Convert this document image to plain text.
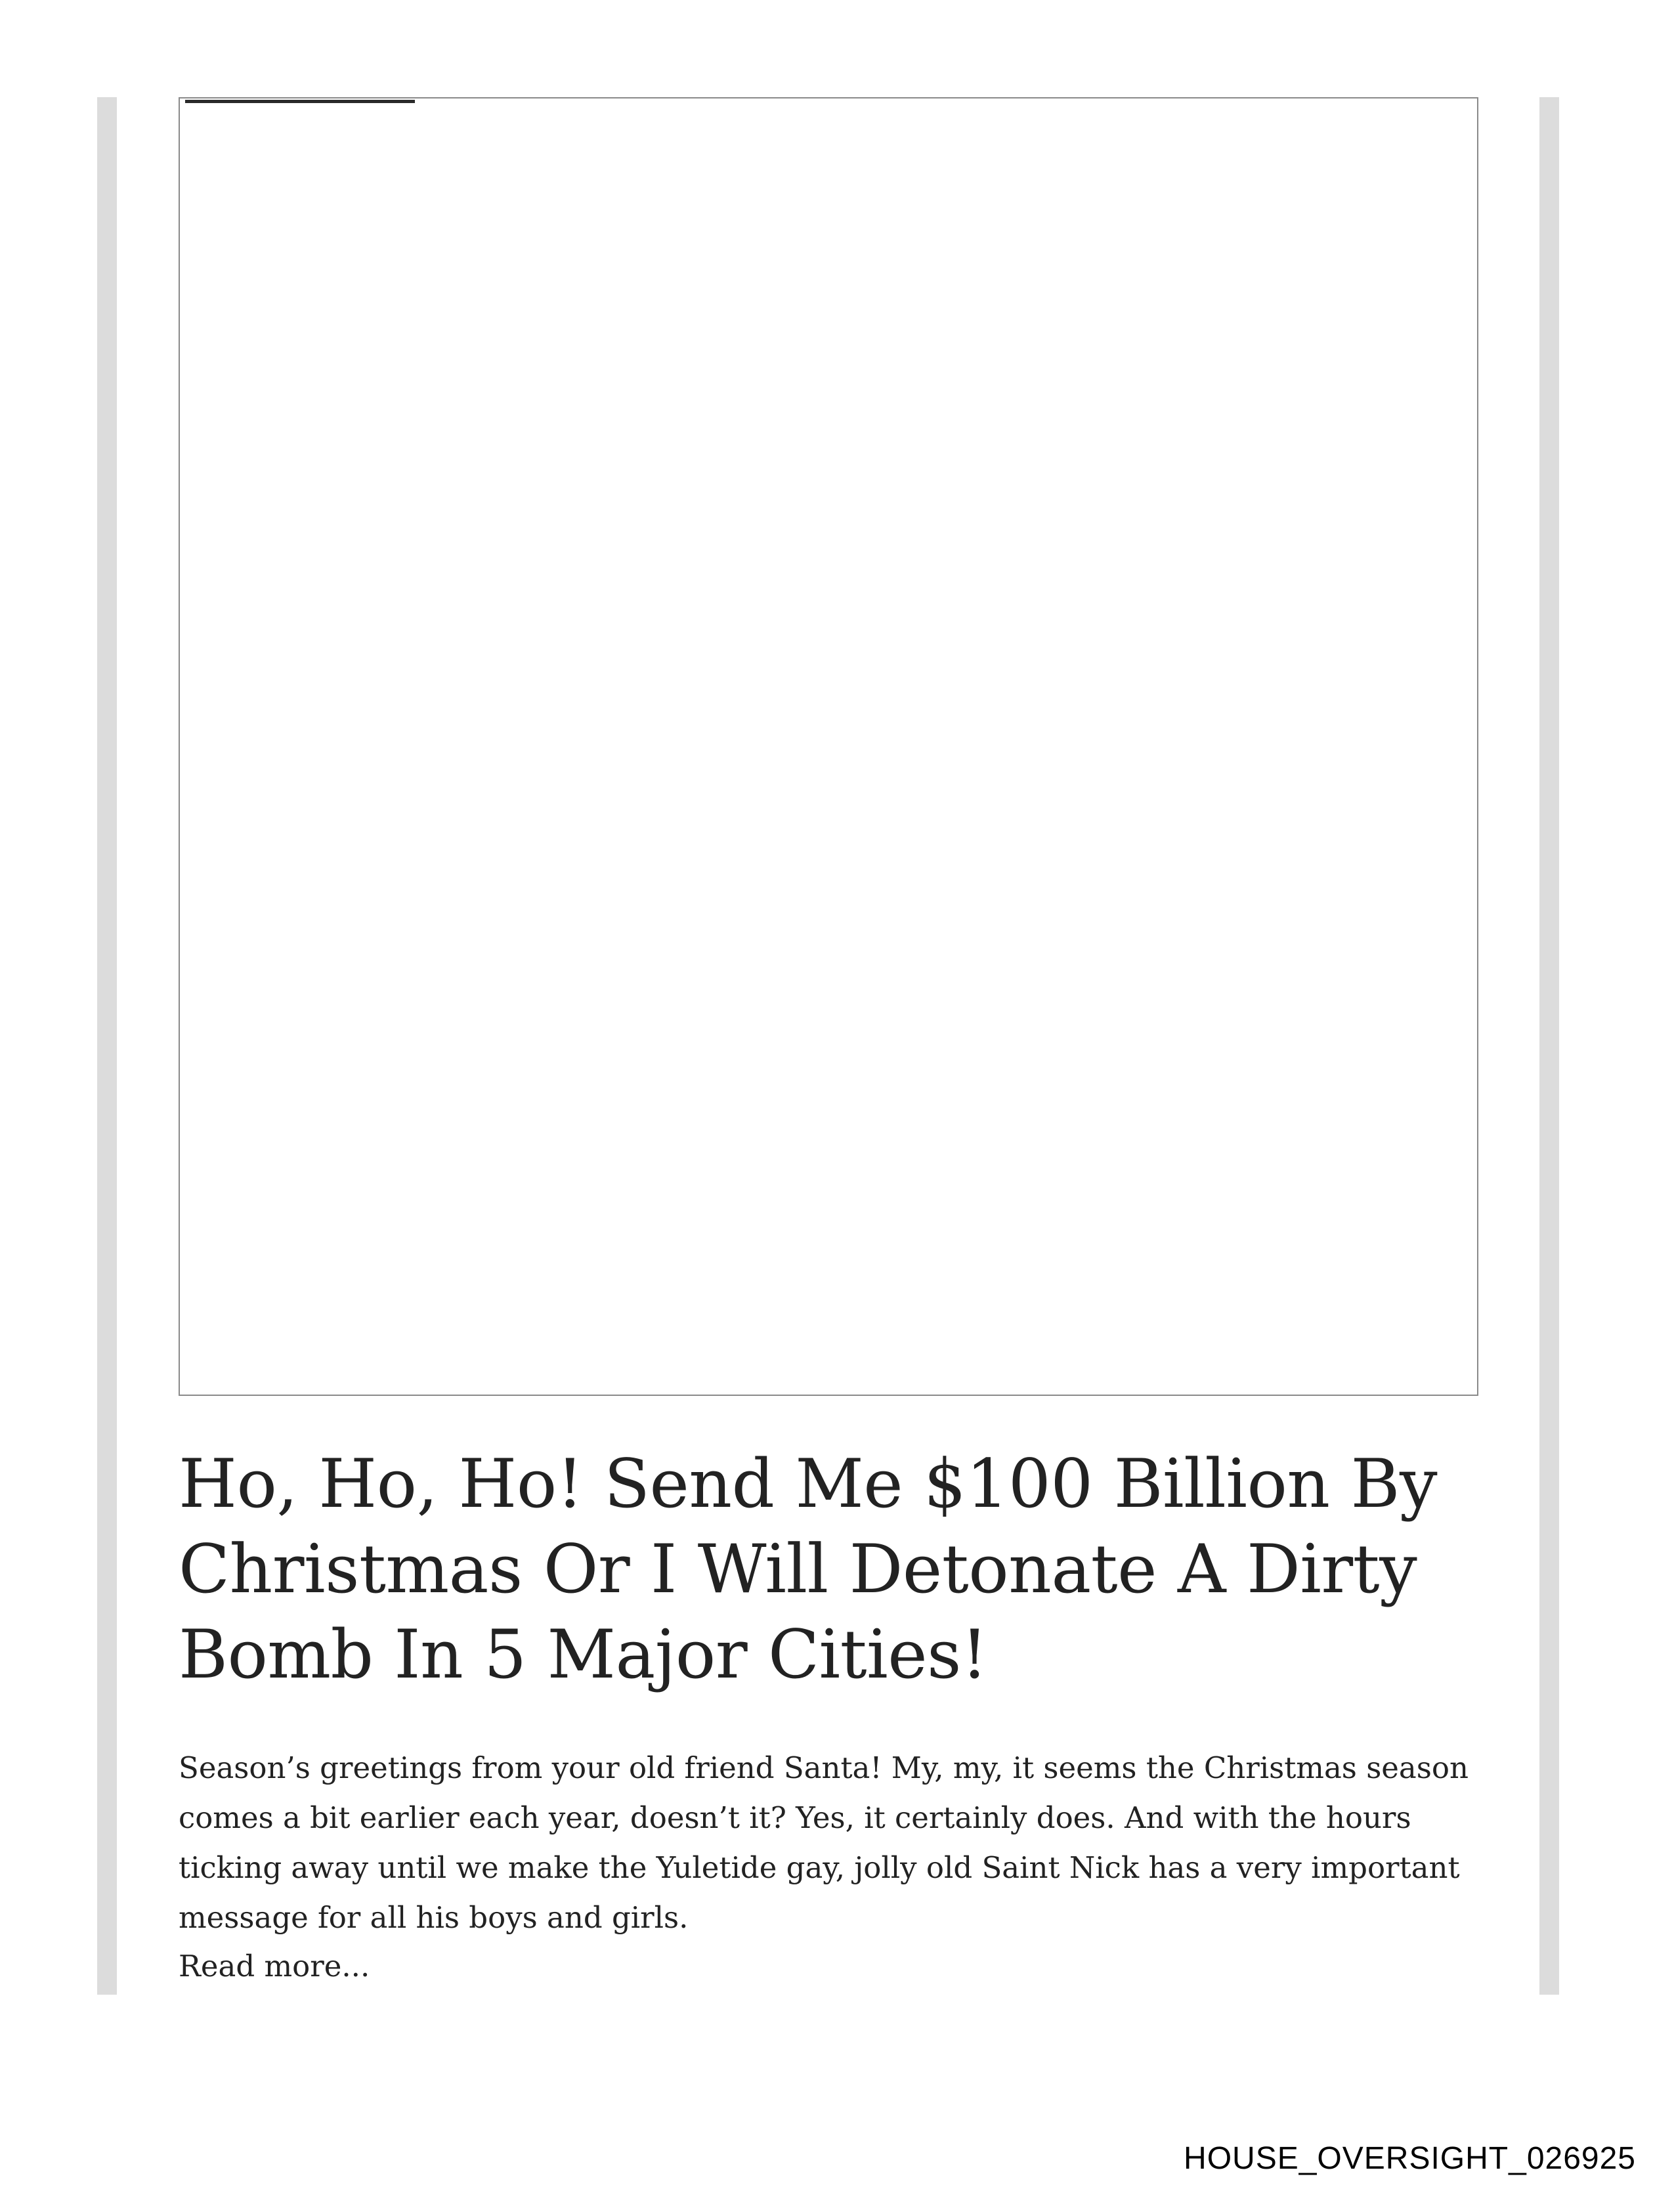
Ho, Ho, Ho! Send Me $100 Billion By Christmas Or I Will Detonate A Dirty Bomb In 5 Major Cities!

Season’s greetings from your old friend Santa! My, my, it seems the Christmas season comes a bit earlier each year, doesn’t it? Yes, it certainly does. And with the hours ticking away until we make the Yuletide gay, jolly old Saint Nick has a very important message for all his boys and girls.

Read more...
HOUSE_OVERSIGHT_026925
